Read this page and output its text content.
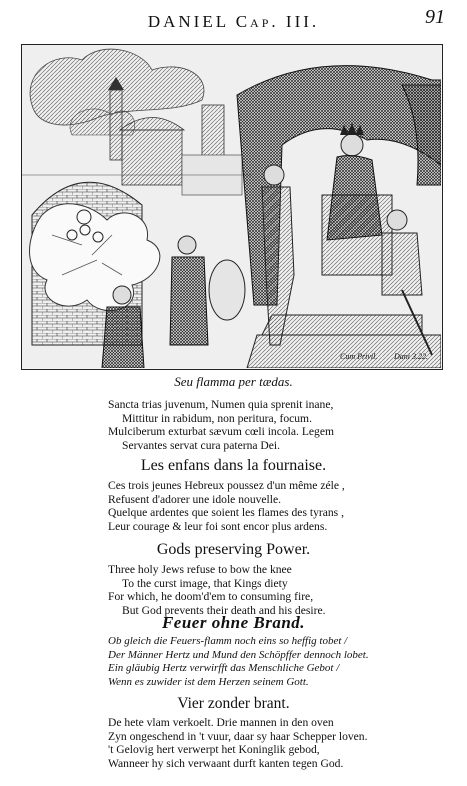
DANIEL Cap. III.	91
Cum Privil. Dani 3.22.
Seu flamma per tædas.
Sancta trias juvenum, Numen quia sprenit inane,
Mittitur in rabidum, non peritura, focum.
Mulciberum exturbat sævum cœli incola. Legem
Servantes servat cura paterna Dei.
Les enfans dans la fournaise.
Ces trois jeunes Hebreux poussez d'un même zéle ,
Refusent d'adorer une idole nouvelle.
Quelque ardentes que soient les flames des tyrans ,
Leur courage & leur foi sont encor plus ardens.
Gods preserving Power.
Three holy Jews refuse to bow the knee
To the curst image, that Kings diety
For which, he doom'd'em to consuming fire,
But God prevents their death and his desire.
Feuer ohne Brand.
Ob gleich die Feuers-flamm noch eins so heffig tobet /
Der Männer Hertz und Mund den Schöpffer dennoch lobet.
Ein gläubig Hertz verwirfft das Menschliche Gebot /
Wenn es zuwider ist dem Herzen seinem Gott.
Vier zonder brant.
De hete vlam verkoelt. Drie mannen in den oven
Zyn ongeschend in 't vuur, daar sy haar Schepper loven.
't Gelovig hert verwerpt het Koninglik gebod,
Wanneer hy sich verwaant durft kanten tegen God.
